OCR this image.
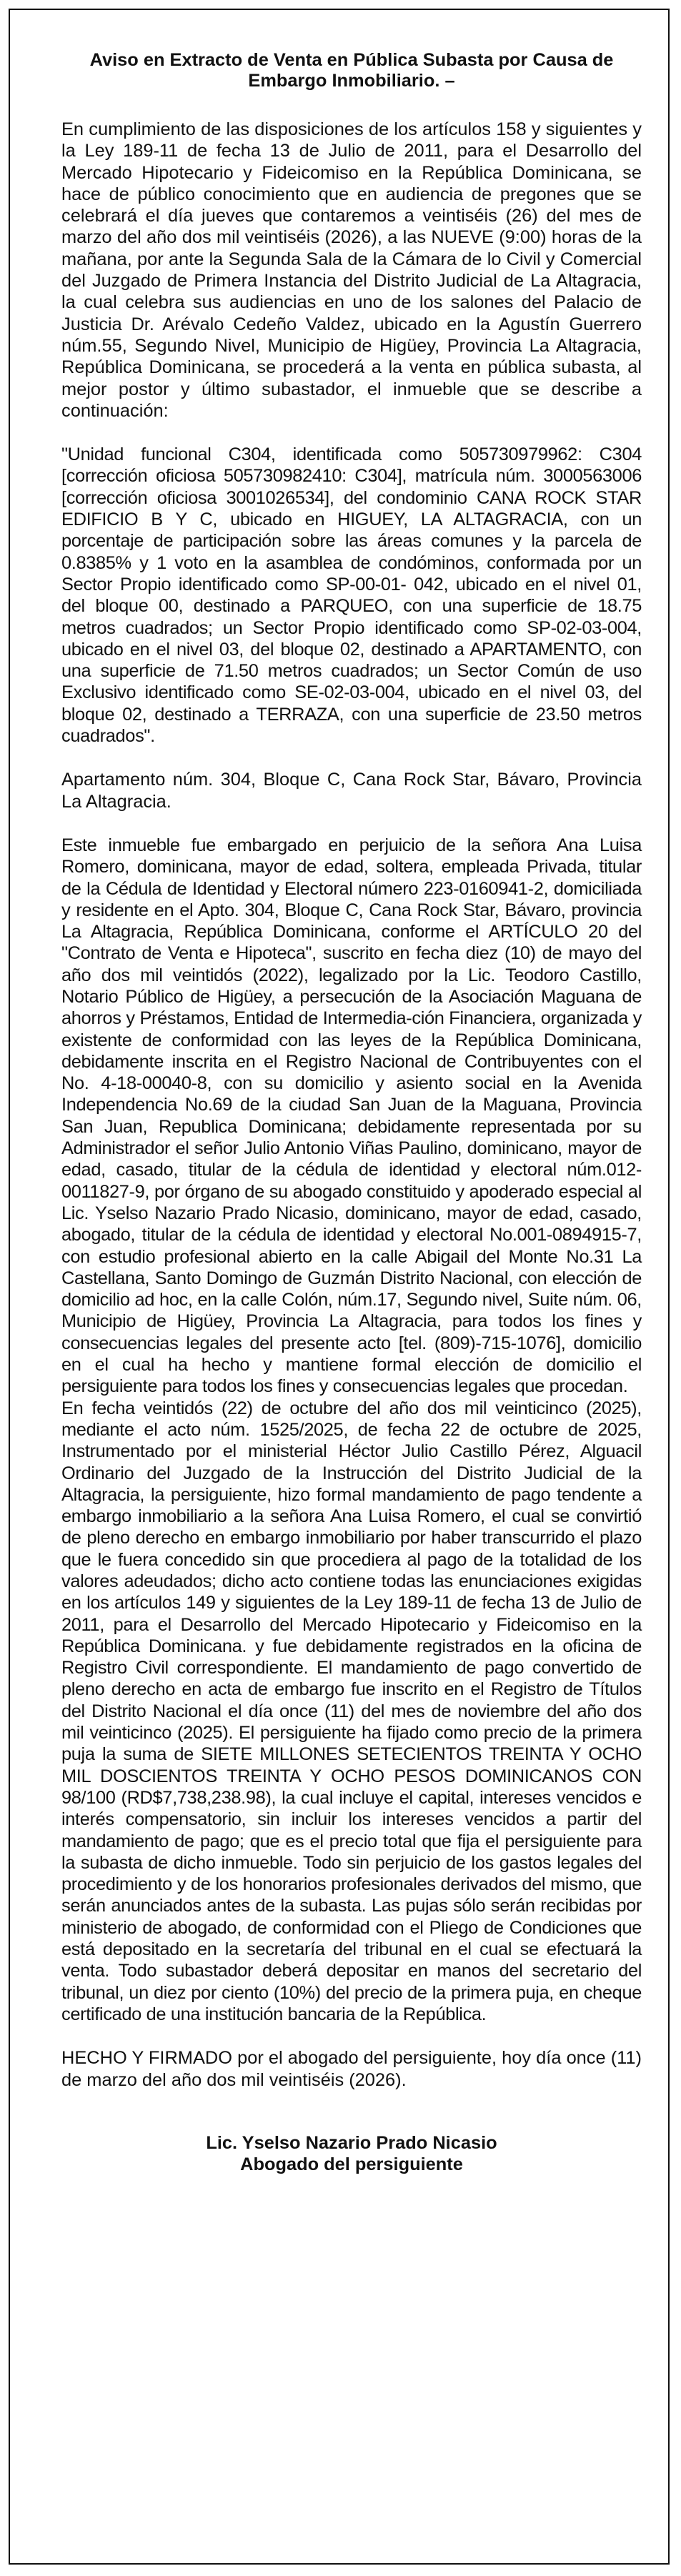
Aviso en Extracto de Venta en Pública Subasta por Causa de Embargo Inmobiliario. –

En cumplimiento de las disposiciones de los artículos 158 y siguientes y la Ley 189-11 de fecha 13 de Julio de 2011, para el Desarrollo del Mercado Hipotecario y Fideicomiso en la República Dominicana, se hace de público conocimiento que en audiencia de pregones que se celebrará el día jueves que contaremos a veintiséis (26) del mes de marzo del año dos mil veintiséis (2026), a las NUEVE (9:00) horas de la mañana, por ante la Segunda Sala de la Cámara de lo Civil y Comercial del Juzgado de Primera Instancia del Distrito Judicial de La Altagracia, la cual celebra sus audiencias en uno de los salones del Palacio de Justicia Dr. Arévalo Cedeño Valdez, ubicado en la Agustín Guerrero núm.55, Segundo Nivel, Municipio de Higüey, Provincia La Altagracia, República Dominicana, se procederá a la venta en pública subasta, al mejor postor y último subastador, el inmueble que se describe a continuación:

"Unidad funcional C304, identificada como 505730979962: C304 [corrección oficiosa 505730982410: C304], matrícula núm. 3000563006 [corrección oficiosa 3001026534], del condominio CANA ROCK STAR EDIFICIO B Y C, ubicado en HIGUEY, LA ALTAGRACIA, con un porcentaje de participación sobre las áreas comunes y la parcela de 0.8385% y 1 voto en la asamblea de condóminos, conformada por un Sector Propio identificado como SP-00-01- 042, ubicado en el nivel 01, del bloque 00, destinado a PARQUEO, con una superficie de 18.75 metros cuadrados; un Sector Propio identificado como SP-02-03-004, ubicado en el nivel 03, del bloque 02, destinado a APARTAMENTO, con una superficie de 71.50 metros cuadrados; un Sector Común de uso Exclusivo identificado como SE-02-03-004, ubicado en el nivel 03, del bloque 02, destinado a TERRAZA, con una superficie de 23.50 metros cuadrados".

Apartamento núm. 304, Bloque C, Cana Rock Star, Bávaro, Provincia La Altagracia.

Este inmueble fue embargado en perjuicio de la señora Ana Luisa Romero, dominicana, mayor de edad, soltera, empleada Privada, titular de la Cédula de Identidad y Electoral número 223-0160941-2, domiciliada y residente en el Apto. 304, Bloque C, Cana Rock Star, Bávaro, provincia La Altagracia, República Dominicana, conforme el ARTÍCULO 20 del "Contrato de Venta e Hipoteca", suscrito en fecha diez (10) de mayo del año dos mil veintidós (2022), legalizado por la Lic. Teodoro Castillo, Notario Público de Higüey, a persecución de la Asociación Maguana de ahorros y Préstamos, Entidad de Intermedia-ción Financiera, organizada y existente de conformidad con las leyes de la República Dominicana, debidamente inscrita en el Registro Nacional de Contribuyentes con el No. 4-18-00040-8, con su domicilio y asiento social en la Avenida Independencia No.69 de la ciudad San Juan de la Maguana, Provincia San Juan, Republica Dominicana; debidamente representada por su Administrador el señor Julio Antonio Viñas Paulino, dominicano, mayor de edad, casado, titular de la cédula de identidad y electoral núm.012- 0011827-9, por órgano de su abogado constituido y apoderado especial al Lic. Yselso Nazario Prado Nicasio, dominicano, mayor de edad, casado, abogado, titular de la cédula de identidad y electoral No.001-0894915-7, con estudio profesional abierto en la calle Abigail del Monte No.31 La Castellana, Santo Domingo de Guzmán Distrito Nacional, con elección de domicilio ad hoc, en la calle Colón, núm.17, Segundo nivel, Suite núm. 06, Municipio de Higüey, Provincia La Altagracia, para todos los fines y consecuencias legales del presente acto [tel. (809)-715-1076], domicilio en el cual ha hecho y mantiene formal elección de domicilio el persiguiente para todos los fines y consecuencias legales que procedan.

En fecha veintidós (22) de octubre del año dos mil veinticinco (2025), mediante el acto núm. 1525/2025, de fecha 22 de octubre de 2025, Instrumentado por el ministerial Héctor Julio Castillo Pérez, Alguacil Ordinario del Juzgado de la Instrucción del Distrito Judicial de la Altagracia, la persiguiente, hizo formal mandamiento de pago tendente a embargo inmobiliario a la señora Ana Luisa Romero, el cual se convirtió de pleno derecho en embargo inmobiliario por haber transcurrido el plazo que le fuera concedido sin que procediera al pago de la totalidad de los valores adeudados; dicho acto contiene todas las enunciaciones exigidas en los artículos 149 y siguientes de la Ley 189-11 de fecha 13 de Julio de 2011, para el Desarrollo del Mercado Hipotecario y Fideicomiso en la República Dominicana. y fue debidamente registrados en la oficina de Registro Civil correspondiente. El mandamiento de pago convertido de pleno derecho en acta de embargo fue inscrito en el Registro de Títulos del Distrito Nacional el día once (11) del mes de noviembre del año dos mil veinticinco (2025). El persiguiente ha fijado como precio de la primera puja la suma de SIETE MILLONES SETECIENTOS TREINTA Y OCHO MIL DOSCIENTOS TREINTA Y OCHO PESOS DOMINICANOS CON 98/100 (RD$7,738,238.98), la cual incluye el capital, intereses vencidos e interés compensatorio, sin incluir los intereses vencidos a partir del mandamiento de pago; que es el precio total que fija el persiguiente para la subasta de dicho inmueble. Todo sin perjuicio de los gastos legales del procedimiento y de los honorarios profesionales derivados del mismo, que serán anunciados antes de la subasta. Las pujas sólo serán recibidas por ministerio de abogado, de conformidad con el Pliego de Condiciones que está depositado en la secretaría del tribunal en el cual se efectuará la venta. Todo subastador deberá depositar en manos del secretario del tribunal, un diez por ciento (10%) del precio de la primera puja, en cheque certificado de una institución bancaria de la República.

HECHO Y FIRMADO por el abogado del persiguiente, hoy día once (11) de marzo del año dos mil veintiséis (2026).

Lic. Yselso Nazario Prado Nicasio
Abogado del persiguiente
